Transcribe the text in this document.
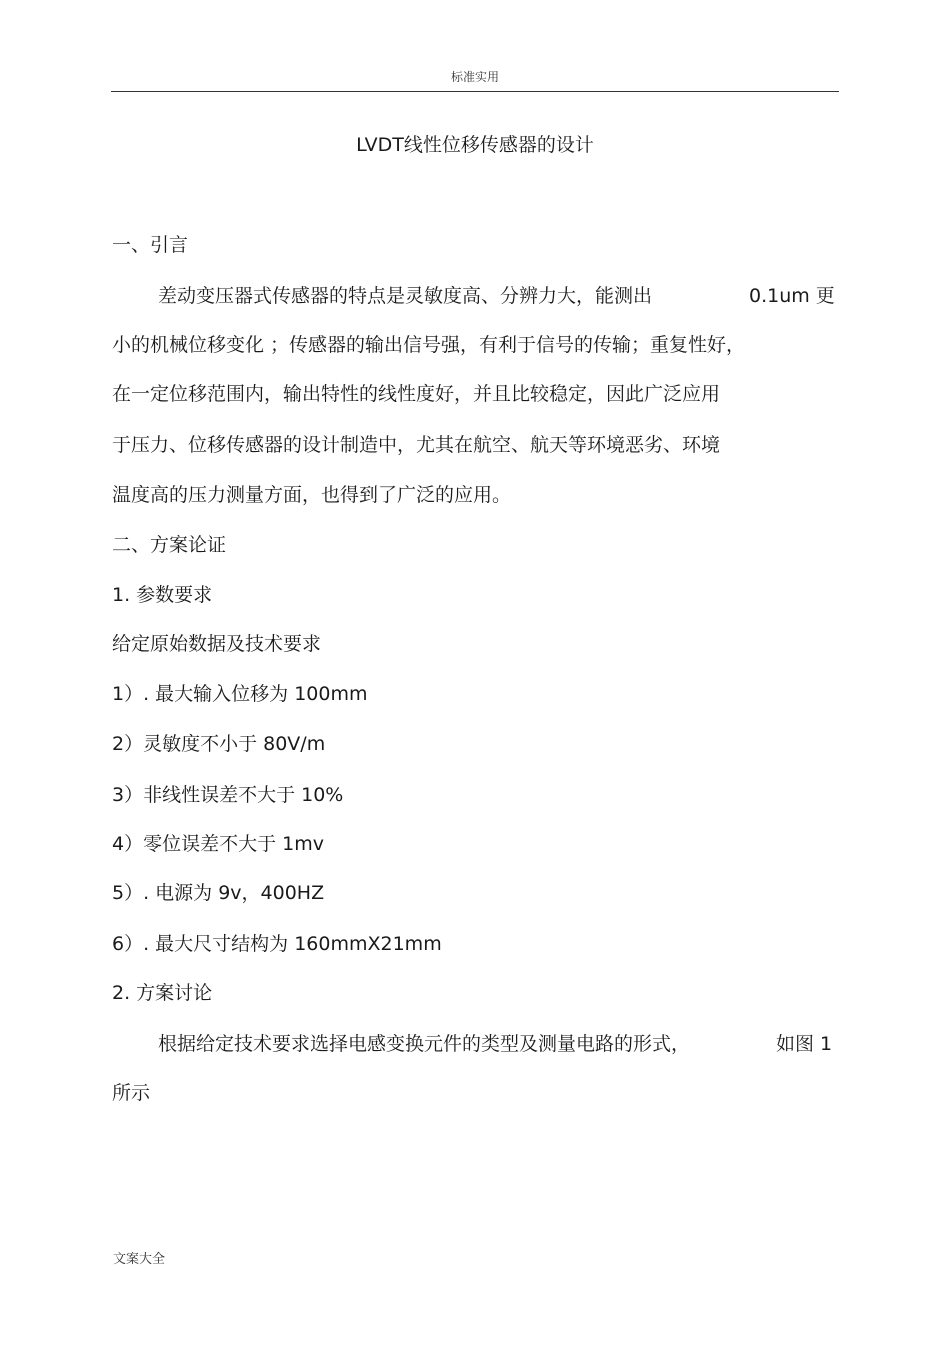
标准实用
LVDT线性位移传感器的设计
一、引言
差动变压器式传感器的特点是灵敏度高、分辨力大，能测出	0.1um 更
小的机械位移变化 ；传感器的输出信号强，有利于信号的传输；重复性好，
在一定位移范围内，输出特性的线性度好，并且比较稳定，因此广泛应用
于压力、位移传感器的设计制造中，尤其在航空、航天等环境恶劣、环境
温度高的压力测量方面，也得到了广泛的应用。
二、方案论证
1. 参数要求
给定原始数据及技术要求
1）. 最大输入位移为 100mm
2）灵敏度不小于 80V/m
3）非线性误差不大于 10%
4）零位误差不大于 1mv
5）. 电源为 9v，400HZ
6）. 最大尺寸结构为 160mmX21mm
2. 方案讨论
根据给定技术要求选择电感变换元件的类型及测量电路的形式，	如图 1
所示
文案大全
